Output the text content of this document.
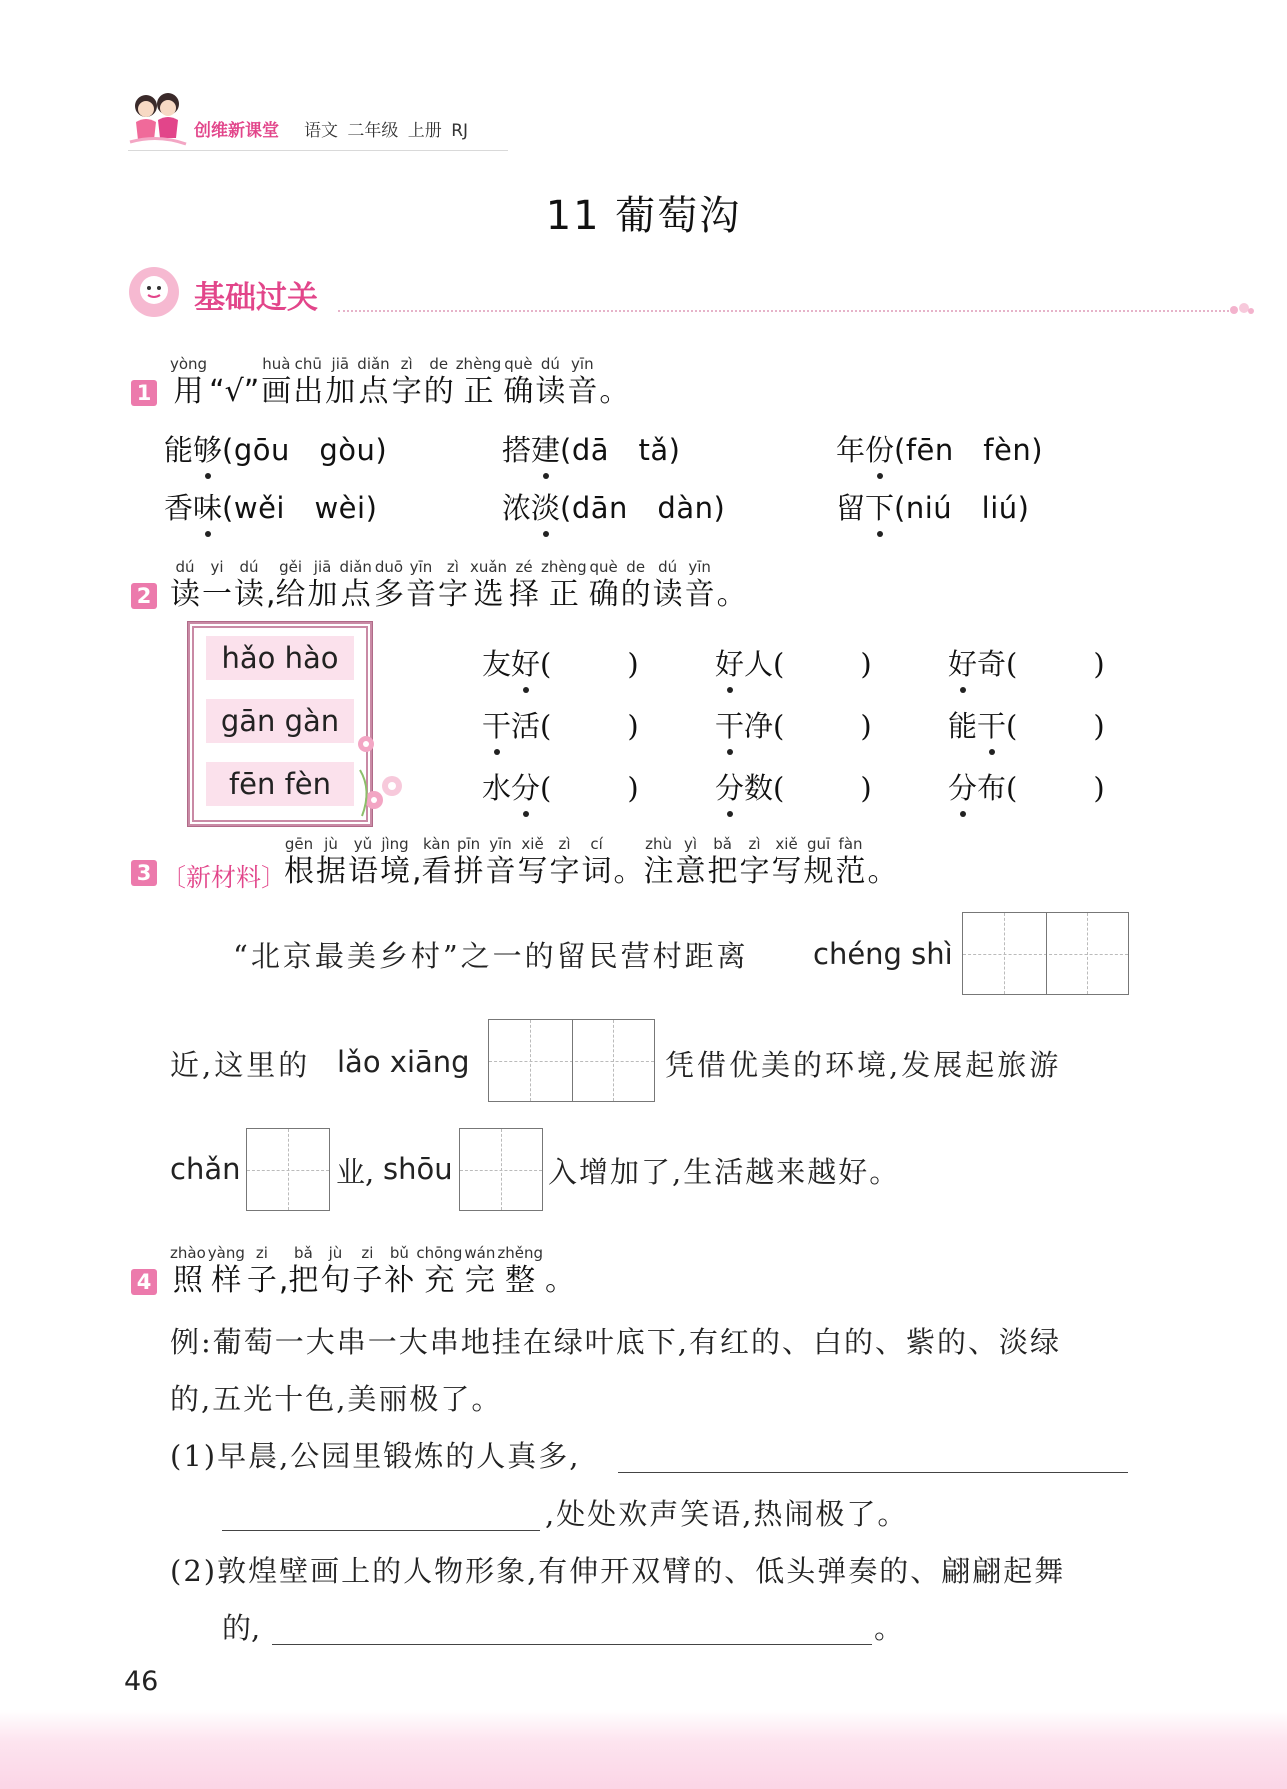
创维新课堂 语文 二年级 上册 RJ
11 葡萄沟
基础过关
1
yòng
用 “√”
huà
画
chū
出
jiā
加
diǎn
点
zì
字
de
的
zhèng
正
què
确
dú
读
yīn
音 。
能够(gōu　gòu)	搭建(dā　tǎ)	年份(fēn　fèn)
香味(wěi　wèi)	浓淡(dān　dàn)	留下(niú　liú)
2
dú
读
yi
一
dú
读 ,
gěi
给
jiā
加
diǎn
点
duō
多
yīn
音
zì
字
xuǎn
选
zé
择
zhèng
正
què
确
de
的
dú
读
yīn
音 。
hǎo hào
gān gàn
fēn fèn
友好(　　) 好人(　　) 好奇(　　)
干活(　　) 干净(　　) 能干(　　)
水分(　　) 分数(　　) 分布(　　)
3 〔新材料〕
gēn
根
jù
据
yǔ
语
jìng
境 ,
kàn
看
pīn
拼
yīn
音
xiě
写
zì
字
cí
词 。
zhù
注
yì
意
bǎ
把
zì
字
xiě
写
guī
规
fàn
范 。
“北京最美乡村”之一的留民营村距离 chéng shì
近,这里的 lǎo xiāng	凭借优美的环境,发展起旅游
chǎn	业, shōu	入增加了,生活越来越好。
4
zhào
照
yàng
样
zi
子 ,
bǎ
把
jù
句
zi
子
bǔ
补
chōng
充
wán
完
zhěng
整 。
例:葡萄一大串一大串地挂在绿叶底下,有红的、白的、紫的、淡绿
的,五光十色,美丽极了。
(1)早晨,公园里锻炼的人真多,
,处处欢声笑语,热闹极了。
(2)敦煌壁画上的人物形象,有伸开双臂的、低头弹奏的、翩翩起舞
的,	。
46
